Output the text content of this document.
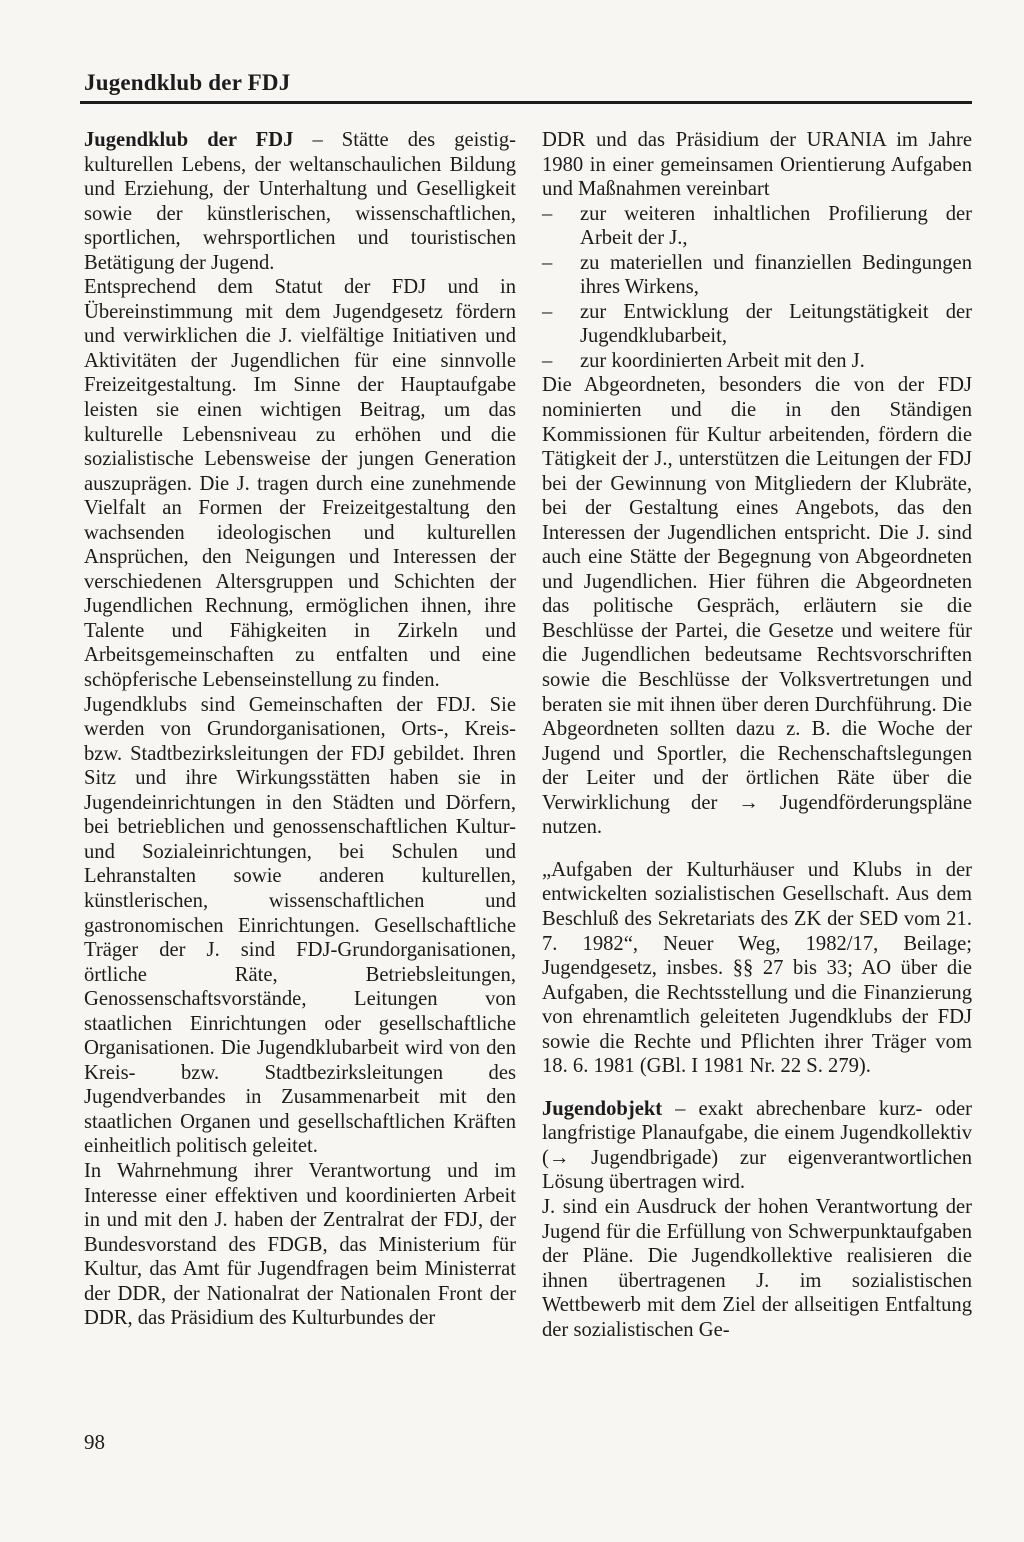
Jugendklub der FDJ

Jugendklub der FDJ – Stätte des geistig-kulturellen Lebens, der weltanschaulichen Bildung und Erziehung, der Unterhaltung und Geselligkeit sowie der künstlerischen, wissenschaftlichen, sportlichen, wehrsportlichen und touristischen Betätigung der Jugend.

Entsprechend dem Statut der FDJ und in Übereinstimmung mit dem Jugendgesetz fördern und verwirklichen die J. vielfältige Initiativen und Aktivitäten der Jugendlichen für eine sinnvolle Freizeitgestaltung. Im Sinne der Hauptaufgabe leisten sie einen wichtigen Beitrag, um das kulturelle Lebensniveau zu erhöhen und die sozialistische Lebensweise der jungen Generation auszuprägen. Die J. tragen durch eine zunehmende Vielfalt an Formen der Freizeitgestaltung den wachsenden ideologischen und kulturellen Ansprüchen, den Neigungen und Interessen der verschiedenen Altersgruppen und Schichten der Jugendlichen Rechnung, ermöglichen ihnen, ihre Talente und Fähigkeiten in Zirkeln und Arbeitsgemeinschaften zu entfalten und eine schöpferische Lebenseinstellung zu finden.

Jugendklubs sind Gemeinschaften der FDJ. Sie werden von Grundorganisationen, Orts-, Kreis- bzw. Stadtbezirksleitungen der FDJ gebildet. Ihren Sitz und ihre Wirkungsstätten haben sie in Jugendeinrichtungen in den Städten und Dörfern, bei betrieblichen und genossenschaftlichen Kultur- und Sozialeinrichtungen, bei Schulen und Lehranstalten sowie anderen kulturellen, künstlerischen, wissenschaftlichen und gastronomischen Einrichtungen. Gesellschaftliche Träger der J. sind FDJ-Grundorganisationen, örtliche Räte, Betriebsleitungen, Genossenschaftsvorstände, Leitungen von staatlichen Einrichtungen oder gesellschaftliche Organisationen. Die Jugendklubarbeit wird von den Kreis- bzw. Stadtbezirksleitungen des Jugendverbandes in Zusammenarbeit mit den staatlichen Organen und gesellschaftlichen Kräften einheitlich politisch geleitet.

In Wahrnehmung ihrer Verantwortung und im Interesse einer effektiven und koordinierten Arbeit in und mit den J. haben der Zentralrat der FDJ, der Bundesvorstand des FDGB, das Ministerium für Kultur, das Amt für Jugendfragen beim Ministerrat der DDR, der Nationalrat der Nationalen Front der DDR, das Präsidium des Kulturbundes der

DDR und das Präsidium der URANIA im Jahre 1980 in einer gemeinsamen Orientierung Aufgaben und Maßnahmen vereinbart

– zur weiteren inhaltlichen Profilierung der Arbeit der J.,

– zu materiellen und finanziellen Bedingungen ihres Wirkens,

– zur Entwicklung der Leitungstätigkeit der Jugendklubarbeit,

– zur koordinierten Arbeit mit den J.

Die Abgeordneten, besonders die von der FDJ nominierten und die in den Ständigen Kommissionen für Kultur arbeitenden, fördern die Tätigkeit der J., unterstützen die Leitungen der FDJ bei der Gewinnung von Mitgliedern der Klubräte, bei der Gestaltung eines Angebots, das den Interessen der Jugendlichen entspricht. Die J. sind auch eine Stätte der Begegnung von Abgeordneten und Jugendlichen. Hier führen die Abgeordneten das politische Gespräch, erläutern sie die Beschlüsse der Partei, die Gesetze und weitere für die Jugendlichen bedeutsame Rechtsvorschriften sowie die Beschlüsse der Volksvertretungen und beraten sie mit ihnen über deren Durchführung. Die Abgeordneten sollten dazu z. B. die Woche der Jugend und Sportler, die Rechenschaftslegungen der Leiter und der örtlichen Räte über die Verwirklichung der → Jugendförderungspläne nutzen.

„Aufgaben der Kulturhäuser und Klubs in der entwickelten sozialistischen Gesellschaft. Aus dem Beschluß des Sekretariats des ZK der SED vom 21. 7. 1982“, Neuer Weg, 1982/17, Beilage; Jugendgesetz, insbes. §§ 27 bis 33; AO über die Aufgaben, die Rechtsstellung und die Finanzierung von ehrenamtlich geleiteten Jugendklubs der FDJ sowie die Rechte und Pflichten ihrer Träger vom 18. 6. 1981 (GBl. I 1981 Nr. 22 S. 279).

Jugendobjekt – exakt abrechenbare kurz- oder langfristige Planaufgabe, die einem Jugendkollektiv (→ Jugendbrigade) zur eigenverantwortlichen Lösung übertragen wird.

J. sind ein Ausdruck der hohen Verantwortung der Jugend für die Erfüllung von Schwerpunktaufgaben der Pläne. Die Jugendkollektive realisieren die ihnen übertragenen J. im sozialistischen Wettbewerb mit dem Ziel der allseitigen Entfaltung der sozialistischen Ge-

98
